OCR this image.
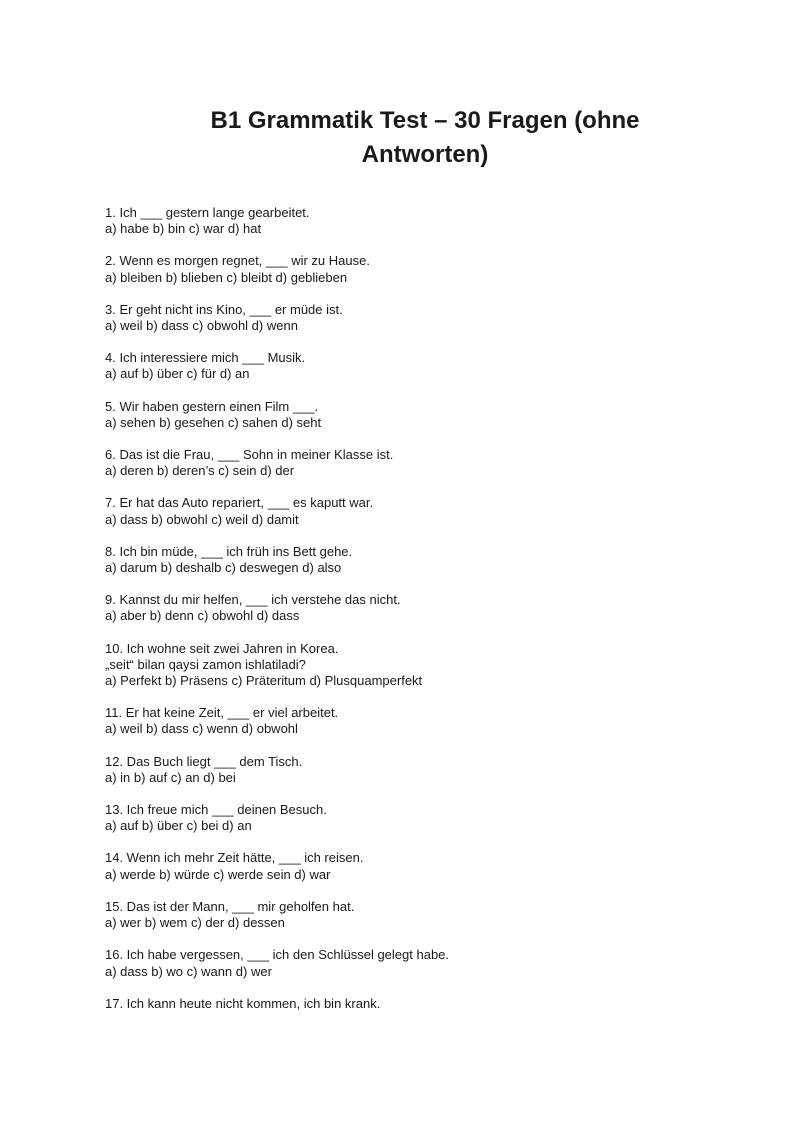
B1 Grammatik Test – 30 Fragen (ohne
Antworten)
1. Ich ___ gestern lange gearbeitet.
a) habe b) bin c) war d) hat
2. Wenn es morgen regnet, ___ wir zu Hause.
a) bleiben b) blieben c) bleibt d) geblieben
3. Er geht nicht ins Kino, ___ er müde ist.
a) weil b) dass c) obwohl d) wenn
4. Ich interessiere mich ___ Musik.
a) auf b) über c) für d) an
5. Wir haben gestern einen Film ___.
a) sehen b) gesehen c) sahen d) seht
6. Das ist die Frau, ___ Sohn in meiner Klasse ist.
a) deren b) deren’s c) sein d) der
7. Er hat das Auto repariert, ___ es kaputt war.
a) dass b) obwohl c) weil d) damit
8. Ich bin müde, ___ ich früh ins Bett gehe.
a) darum b) deshalb c) deswegen d) also
9. Kannst du mir helfen, ___ ich verstehe das nicht.
a) aber b) denn c) obwohl d) dass
10. Ich wohne seit zwei Jahren in Korea.
„seit“ bilan qaysi zamon ishlatiladi?
a) Perfekt b) Präsens c) Präteritum d) Plusquamperfekt
11. Er hat keine Zeit, ___ er viel arbeitet.
a) weil b) dass c) wenn d) obwohl
12. Das Buch liegt ___ dem Tisch.
a) in b) auf c) an d) bei
13. Ich freue mich ___ deinen Besuch.
a) auf b) über c) bei d) an
14. Wenn ich mehr Zeit hätte, ___ ich reisen.
a) werde b) würde c) werde sein d) war
15. Das ist der Mann, ___ mir geholfen hat.
a) wer b) wem c) der d) dessen
16. Ich habe vergessen, ___ ich den Schlüssel gelegt habe.
a) dass b) wo c) wann d) wer
17. Ich kann heute nicht kommen, ich bin krank.
